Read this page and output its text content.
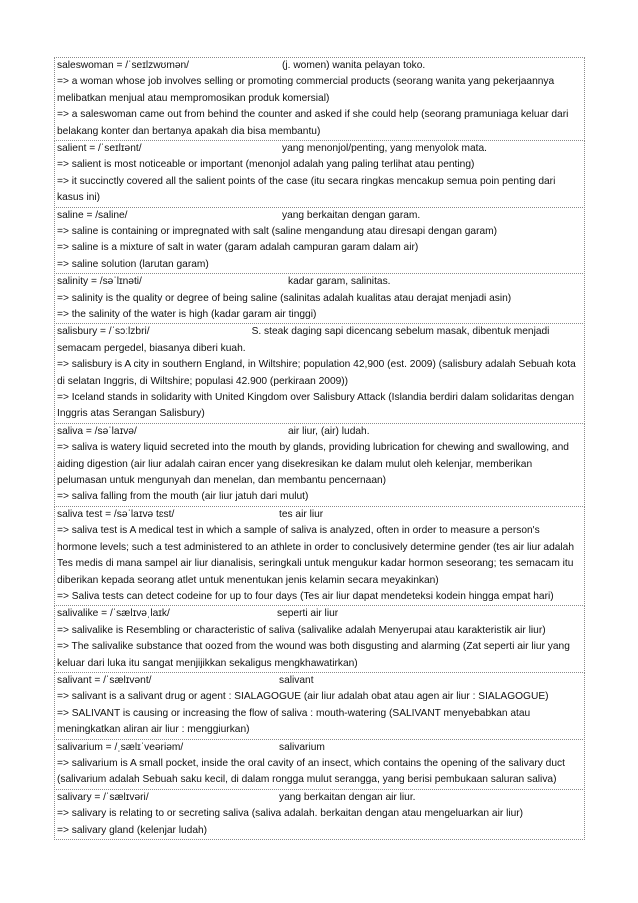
saleswoman = /ˈseɪlzwʊmən/	(j. women) wanita pelayan toko.
=> a woman whose job involves selling or promoting commercial products (seorang wanita yang pekerjaannya melibatkan menjual atau mempromosikan produk komersial)
=> a saleswoman came out from behind the counter and asked if she could help (seorang pramuniaga keluar dari belakang konter dan bertanya apakah dia bisa membantu)
salient = /ˈseɪlɪənt/	yang menonjol/penting, yang menyolok mata.
=> salient is most noticeable or important (menonjol adalah yang paling terlihat atau penting)
=> it succinctly covered all the salient points of the case (itu secara ringkas mencakup semua poin penting dari kasus ini)
saline = /saline/	yang berkaitan dengan garam.
=> saline is containing or impregnated with salt (saline mengandung atau diresapi dengan garam)
=> saline is a mixture of salt in water (garam adalah campuran garam dalam air)
=> saline solution (larutan garam)
salinity = /səˈlɪnəti/	kadar garam, salinitas.
=> salinity is the quality or degree of being saline (salinitas adalah kualitas atau derajat menjadi asin)
=> the salinity of the water is high (kadar garam air tinggi)
salisbury = /ˈsɔːlzbri/	S. steak daging sapi dicencang sebelum masak, dibentuk menjadi semacam pergedel, biasanya diberi kuah.
=> salisbury is A city in southern England, in Wiltshire; population 42,900 (est. 2009) (salisbury adalah Sebuah kota di selatan Inggris, di Wiltshire; populasi 42.900 (perkiraan 2009))
=> Iceland stands in solidarity with United Kingdom over Salisbury Attack (Islandia berdiri dalam solidaritas dengan Inggris atas Serangan Salisbury)
saliva = /səˈlaɪvə/	air liur, (air) ludah.
=> saliva is watery liquid secreted into the mouth by glands, providing lubrication for chewing and swallowing, and aiding digestion (air liur adalah cairan encer yang disekresikan ke dalam mulut oleh kelenjar, memberikan pelumasan untuk mengunyah dan menelan, dan membantu pencernaan)
=> saliva falling from the mouth (air liur jatuh dari mulut)
saliva test = /səˈlaɪvə tɛst/	tes air liur
=> saliva test is A medical test in which a sample of saliva is analyzed, often in order to measure a person's hormone levels; such a test administered to an athlete in order to conclusively determine gender (tes air liur adalah Tes medis di mana sampel air liur dianalisis, seringkali untuk mengukur kadar hormon seseorang; tes semacam itu diberikan kepada seorang atlet untuk menentukan jenis kelamin secara meyakinkan)
=> Saliva tests can detect codeine for up to four days (Tes air liur dapat mendeteksi kodein hingga empat hari)
salivalike = /ˈsælɪvəˌlaɪk/	seperti air liur
=> salivalike is Resembling or characteristic of saliva (salivalike adalah Menyerupai atau karakteristik air liur)
=> The salivalike substance that oozed from the wound was both disgusting and alarming (Zat seperti air liur yang keluar dari luka itu sangat menjijikkan sekaligus mengkhawatirkan)
salivant = /ˈsælɪvənt/	salivant
=> salivant is a salivant drug or agent : SIALAGOGUE (air liur adalah obat atau agen air liur : SIALAGOGUE)
=> SALIVANT is causing or increasing the flow of saliva : mouth-watering (SALIVANT menyebabkan atau meningkatkan aliran air liur : menggiurkan)
salivarium = /ˌsælɪˈveəriəm/	salivarium
=> salivarium is A small pocket, inside the oral cavity of an insect, which contains the opening of the salivary duct (salivarium adalah Sebuah saku kecil, di dalam rongga mulut serangga, yang berisi pembukaan saluran saliva)
salivary = /ˈsælɪvəri/	yang berkaitan dengan air liur.
=> salivary is relating to or secreting saliva (saliva adalah. berkaitan dengan atau mengeluarkan air liur)
=> salivary gland (kelenjar ludah)
